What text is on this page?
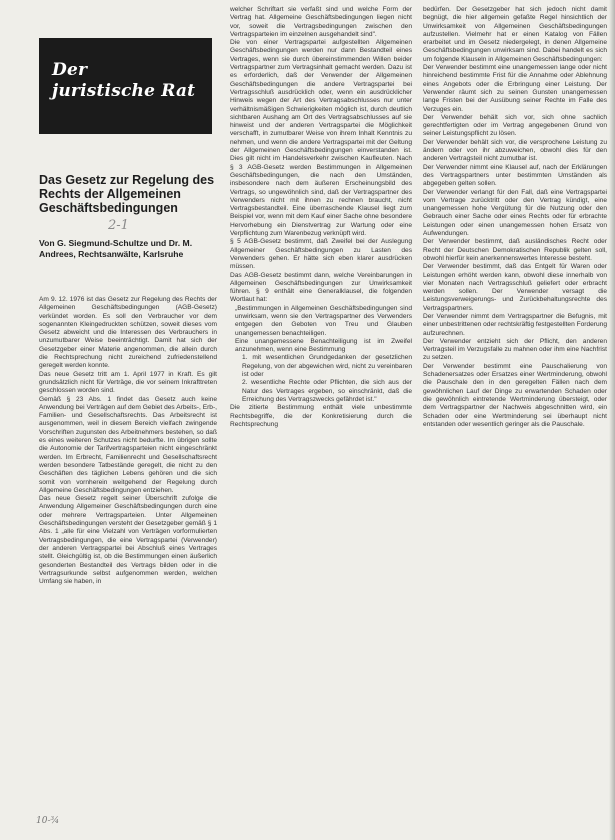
Der
juristische Rat
Das Gesetz zur Regelung des Rechts der Allgemeinen Geschäftsbedingungen
2-1
Von G. Siegmund-Schultze und Dr. M. Andrees, Rechtsanwälte, Karlsruhe

Am 9. 12. 1976 ist das Gesetz zur Regelung des Rechts der Allgemeinen Geschäftsbedingungen (AGB-Gesetz) verkündet worden. Es soll den Verbraucher vor dem sogenannten Kleingedruckten schützen, soweit dieses vom Gesetz abweicht und die Interessen des Verbrauchers in unzumutbarer Weise beeinträchtigt. Damit hat sich der Gesetzgeber einer Materie angenommen, die allein durch die Rechtsprechung nicht zureichend zufriedenstellend geregelt werden konnte.

Das neue Gesetz tritt am 1. April 1977 in Kraft. Es gilt grundsätzlich nicht für Verträge, die vor seinem Inkrafttreten geschlossen worden sind.

Gemäß § 23 Abs. 1 findet das Gesetz auch keine Anwendung bei Verträgen auf dem Gebiet des Arbeits-, Erb-, Familien- und Gesellschaftsrechts. Das Arbeitsrecht ist ausgenommen, weil in diesem Bereich vielfach zwingende Vorschriften zugunsten des Arbeitnehmers bestehen, so daß es eines weiteren Schutzes nicht bedurfte. Im übrigen sollte die Autonomie der Tarifvertragsparteien nicht eingeschränkt werden. Im Erbrecht, Familienrecht und Gesellschaftsrecht werden besondere Tatbestände geregelt, die nicht zu den Geschäften des täglichen Lebens gehören und die sich somit von vornherein weitgehend der Regelung durch Allgemeine Geschäftsbedingungen entziehen.

Das neue Gesetz regelt seiner Überschrift zufolge die Anwendung Allgemeiner Geschäftsbedingungen durch eine oder mehrere Vertragsparteien. Unter Allgemeinen Geschäftsbedingungen versteht der Gesetzgeber gemäß § 1 Abs. 1 „alle für eine Vielzahl von Verträgen vorformulierten Vertragsbedingungen, die eine Vertragspartei (Verwender) der anderen Vertragspartei bei Abschluß eines Vertrages stellt. Gleichgültig ist, ob die Bestimmungen einen äußerlich gesonderten Bestandteil des Vertrags bilden oder in die Vertragsurkunde selbst aufgenommen werden, welchen Umfang sie haben, in

welcher Schriftart sie verfaßt sind und welche Form der Vertrag hat. Allgemeine Geschäftsbedingungen liegen nicht vor, soweit die Vertragsbedingungen zwischen den Vertragsparteien im einzelnen ausgehandelt sind".

Die von einer Vertragspartei aufgestellten Allgemeinen Geschäftsbedingungen werden nur dann Bestandteil eines Vertrages, wenn sie durch übereinstimmenden Willen beider Vertragspartner zum Vertragsinhalt gemacht werden. Dazu ist es erforderlich, daß der Verwender der Allgemeinen Geschäftsbedingungen die andere Vertragspartei bei Vertragsschluß ausdrücklich oder, wenn ein ausdrücklicher Hinweis wegen der Art des Vertragsabschlusses nur unter verhältnismäßigen Schwierigkeiten möglich ist, durch deutlich sichtbaren Aushang am Ort des Vertragsabschlusses auf sie hinweist und der anderen Vertragspartei die Möglichkeit verschafft, in zumutbarer Weise von ihrem Inhalt Kenntnis zu nehmen, und wenn die andere Vertragspartei mit der Geltung der Allgemeinen Geschäftsbedingungen einverstanden ist. Dies gilt nicht im Handelsverkehr zwischen Kaufleuten. Nach § 3 AGB-Gesetz werden Bestimmungen in Allgemeinen Geschäftsbedingungen, die nach den Umständen, insbesondere nach dem äußeren Erscheinungsbild des Vertrags, so ungewöhnlich sind, daß der Vertragspartner des Verwenders nicht mit ihnen zu rechnen braucht, nicht Vertragsbestandteil. Eine überraschende Klausel liegt zum Beispiel vor, wenn mit dem Kauf einer Sache ohne besondere Hervorhebung ein Dienstvertrag zur Wartung oder eine Verpflichtung zum Warenbezug verknüpft wird.

§ 5 AGB-Gesetz bestimmt, daß Zweifel bei der Auslegung Allgemeiner Geschäftsbedingungen zu Lasten des Verwenders gehen. Er hätte sich eben klarer ausdrücken müssen.

Das AGB-Gesetz bestimmt dann, welche Vereinbarungen in Allgemeinen Geschäftsbedingungen zur Unwirksamkeit führen. § 9 enthält eine Generalklausel, die folgenden Wortlaut hat:

„Bestimmungen in Allgemeinen Geschäftsbedingungen sind unwirksam, wenn sie den Vertragspartner des Verwenders entgegen den Geboten von Treu und Glauben unangemessen benachteiligen.

Eine unangemessene Benachteiligung ist im Zweifel anzunehmen, wenn eine Bestimmung

1. mit wesentlichen Grundgedanken der gesetzlichen Regelung, von der abgewichen wird, nicht zu vereinbaren ist oder

2. wesentliche Rechte oder Pflichten, die sich aus der Natur des Vertrages ergeben, so einschränkt, daß die Erreichung des Vertragszwecks gefährdet ist."

Die zitierte Bestimmung enthält viele unbestimmte Rechtsbegriffe, die der Konkretisierung durch die Rechtsprechung

bedürfen. Der Gesetzgeber hat sich jedoch nicht damit begnügt, die hier allgemein gefaßte Regel hinsichtlich der Unwirksamkeit von Allgemeinen Geschäftsbedingungen aufzustellen. Vielmehr hat er einen Katalog von Fällen erarbeitet und im Gesetz niedergelegt, in denen Allgemeine Geschäftsbedingungen unwirksam sind. Dabei handelt es sich um folgende Klauseln in Allgemeinen Geschäftsbedingungen:

Der Verwender bestimmt eine unangemessen lange oder nicht hinreichend bestimmte Frist für die Annahme oder Ablehnung eines Angebots oder die Erbringung einer Leistung. Der Verwender räumt sich zu seinen Gunsten unangemessen lange Fristen bei der Ausübung seiner Rechte im Falle des Verzuges ein.

Der Verwender behält sich vor, sich ohne sachlich gerechtfertigten oder im Vertrag angegebenen Grund von seiner Leistungspflicht zu lösen.

Der Verwender behält sich vor, die versprochene Leistung zu ändern oder von ihr abzuweichen, obwohl dies für den anderen Vertragsteil nicht zumutbar ist.

Der Verwender nimmt eine Klausel auf, nach der Erklärungen des Vertragspartners unter bestimmten Umständen als abgegeben gelten sollen.

Der Verwender verlangt für den Fall, daß eine Vertragspartei vom Vertrage zurücktritt oder den Vertrag kündigt, eine unangemessen hohe Vergütung für die Nutzung oder den Gebrauch einer Sache oder eines Rechts oder für erbrachte Leistungen oder einen unangemessen hohen Ersatz von Aufwendungen.

Der Verwender bestimmt, daß ausländisches Recht oder Recht der Deutschen Demokratischen Republik gelten soll, obwohl hierfür kein anerkennenswertes Interesse besteht.

Der Verwender bestimmt, daß das Entgelt für Waren oder Leistungen erhöht werden kann, obwohl diese innerhalb von vier Monaten nach Vertragsschluß geliefert oder erbracht werden sollen. Der Verwender versagt die Leistungsverweigerungs- und Zurückbehaltungsrechte des Vertragspartners.

Der Verwender nimmt dem Vertragspartner die Befugnis, mit einer unbestrittenen oder rechtskräftig festgestellten Forderung aufzurechnen.

Der Verwender entzieht sich der Pflicht, den anderen Vertragsteil im Verzugsfalle zu mahnen oder ihm eine Nachfrist zu setzen.

Der Verwender bestimmt eine Pauschalierung von Schadenersatzes oder Ersatzes einer Wertminderung, obwohl die Pauschale den in den geregelten Fällen nach dem gewöhnlichen Lauf der Dinge zu erwartenden Schaden oder die gewöhnlich eintretende Wertminderung übersteigt, oder dem Vertragspartner der Nachweis abgeschnitten wird, ein Schaden oder eine Wertminderung sei überhaupt nicht entstanden oder wesentlich geringer als die Pauschale.

10-¾
